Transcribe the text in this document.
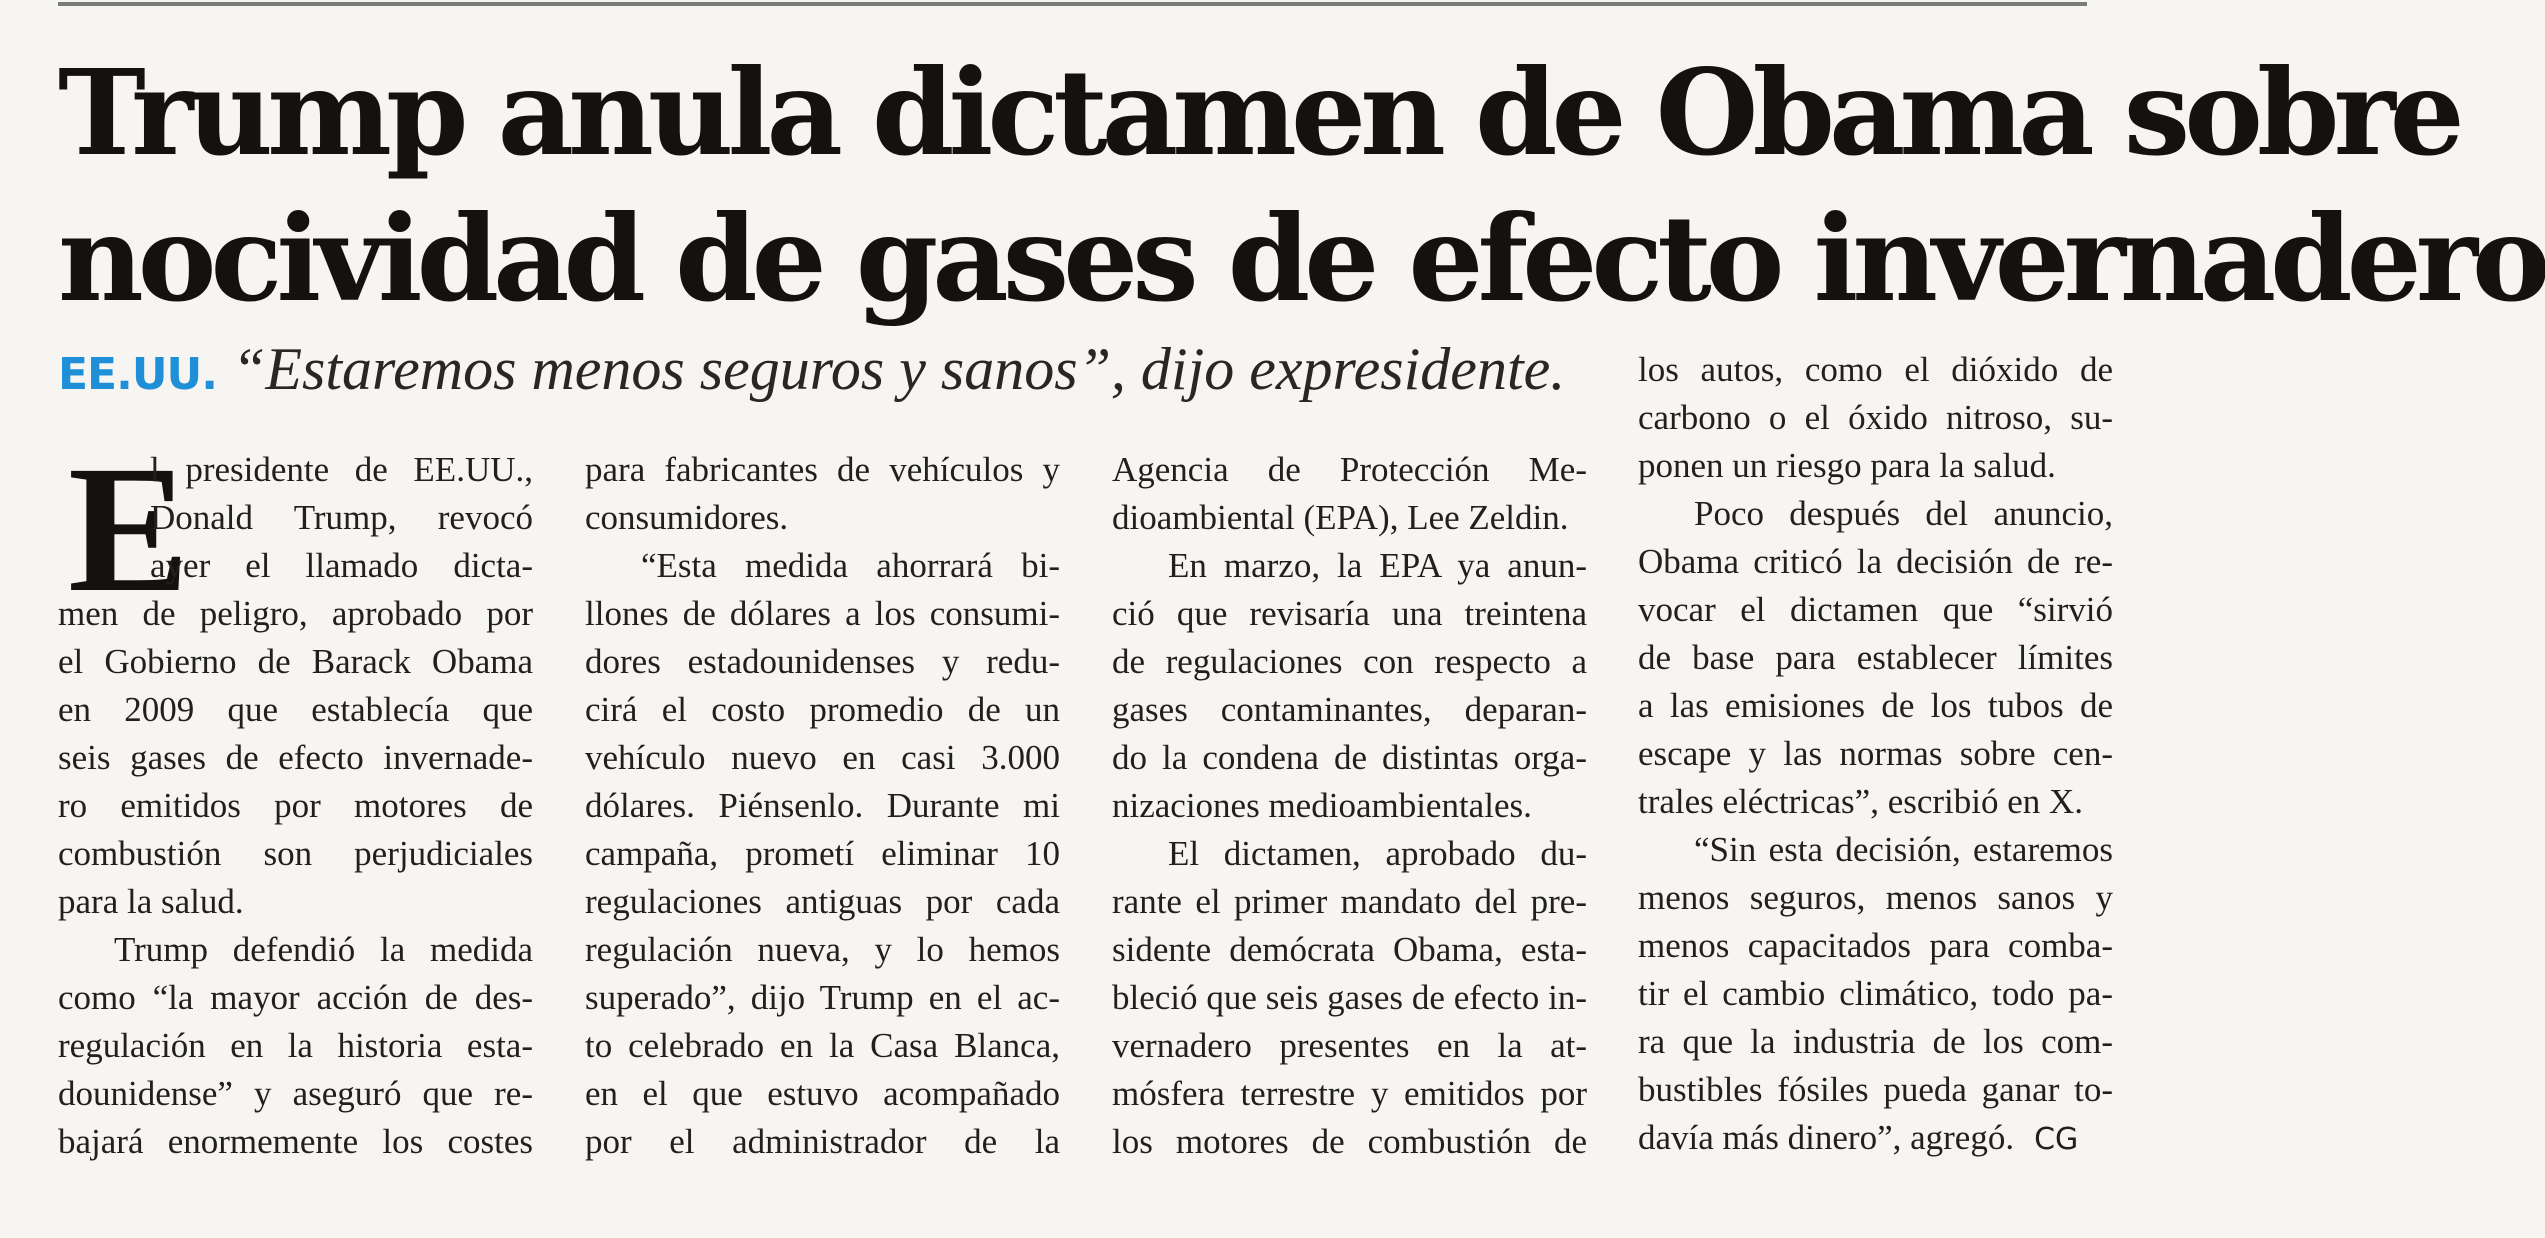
Trump anula dictamen de Obama sobre
nocividad de gases de efecto invernadero
EE.UU. “Estaremos menos seguros y sanos”, dijo expresidente.
E
l presidente de EE.UU.,
Donald Trump, revocó
ayer el llamado dicta-
men de peligro, aprobado por
el Gobierno de Barack Obama
en 2009 que establecía que
seis gases de efecto invernade-
ro emitidos por motores de
combustión son perjudiciales
para la salud.
Trump defendió la medida
como “la mayor acción de des-
regulación en la historia esta-
dounidense” y aseguró que re-
bajará enormemente los costes
para fabricantes de vehículos y
consumidores.
“Esta medida ahorrará bi-
llones de dólares a los consumi-
dores estadounidenses y redu-
cirá el costo promedio de un
vehículo nuevo en casi 3.000
dólares. Piénsenlo. Durante mi
campaña, prometí eliminar 10
regulaciones antiguas por cada
regulación nueva, y lo hemos
superado”, dijo Trump en el ac-
to celebrado en la Casa Blanca,
en el que estuvo acompañado
por el administrador de la
Agencia de Protección Me-
dioambiental (EPA), Lee Zeldin.
En marzo, la EPA ya anun-
ció que revisaría una treintena
de regulaciones con respecto a
gases contaminantes, deparan-
do la condena de distintas orga-
nizaciones medioambientales.
El dictamen, aprobado du-
rante el primer mandato del pre-
sidente demócrata Obama, esta-
bleció que seis gases de efecto in-
vernadero presentes en la at-
mósfera terrestre y emitidos por
los motores de combustión de
los autos, como el dióxido de
carbono o el óxido nitroso, su-
ponen un riesgo para la salud.
Poco después del anuncio,
Obama criticó la decisión de re-
vocar el dictamen que “sirvió
de base para establecer límites
a las emisiones de los tubos de
escape y las normas sobre cen-
trales eléctricas”, escribió en X.
“Sin esta decisión, estaremos
menos seguros, menos sanos y
menos capacitados para comba-
tir el cambio climático, todo pa-
ra que la industria de los com-
bustibles fósiles pueda ganar to-
davía más dinero”, agregó. CG
